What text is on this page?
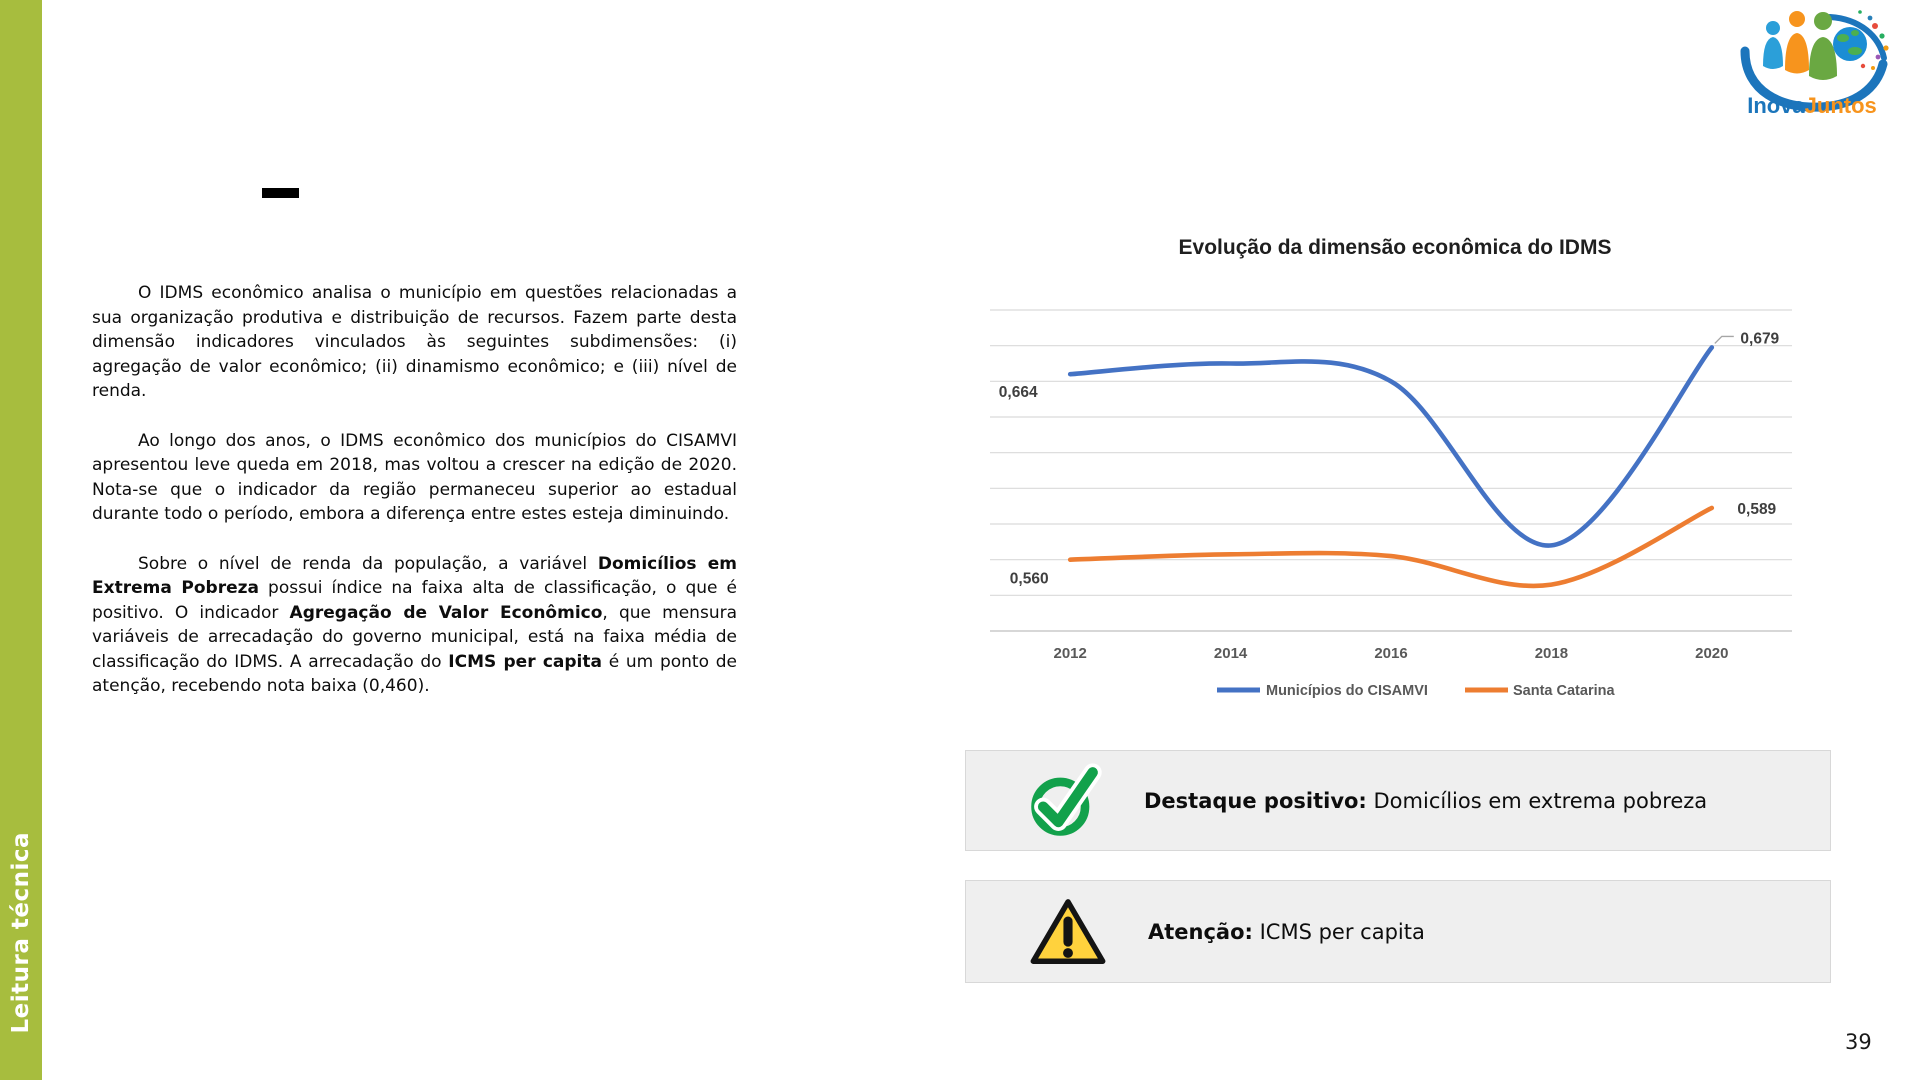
Leitura técnica
InovaJuntos

O IDMS econômico analisa o município em questões relacionadas a sua organização produtiva e distribuição de recursos. Fazem parte desta dimensão indicadores vinculados às seguintes subdimensões: (i) agregação de valor econômico; (ii) dinamismo econômico; e (iii) nível de renda.

Ao longo dos anos, o IDMS econômico dos municípios do CISAMVI apresentou leve queda em 2018, mas voltou a crescer na edição de 2020. Nota-se que o indicador da região permaneceu superior ao estadual durante todo o período, embora a diferença entre estes esteja diminuindo.

Sobre o nível de renda da população, a variável Domicílios em Extrema Pobreza possui índice na faixa alta de classificação, o que é positivo. O indicador Agregação de Valor Econômico, que mensura variáveis de arrecadação do governo municipal, está na faixa média de classificação do IDMS. A arrecadação do ICMS per capita é um ponto de atenção, recebendo nota baixa (0,460).

Evolução da dimensão econômica do IDMS
2012	2014	2016	2018	2020
0,664
0,679
0,560
0,589
Municípios do CISAMVI	Santa Catarina
Destaque positivo: Domicílios em extrema pobreza
Atenção: ICMS per capita
39
